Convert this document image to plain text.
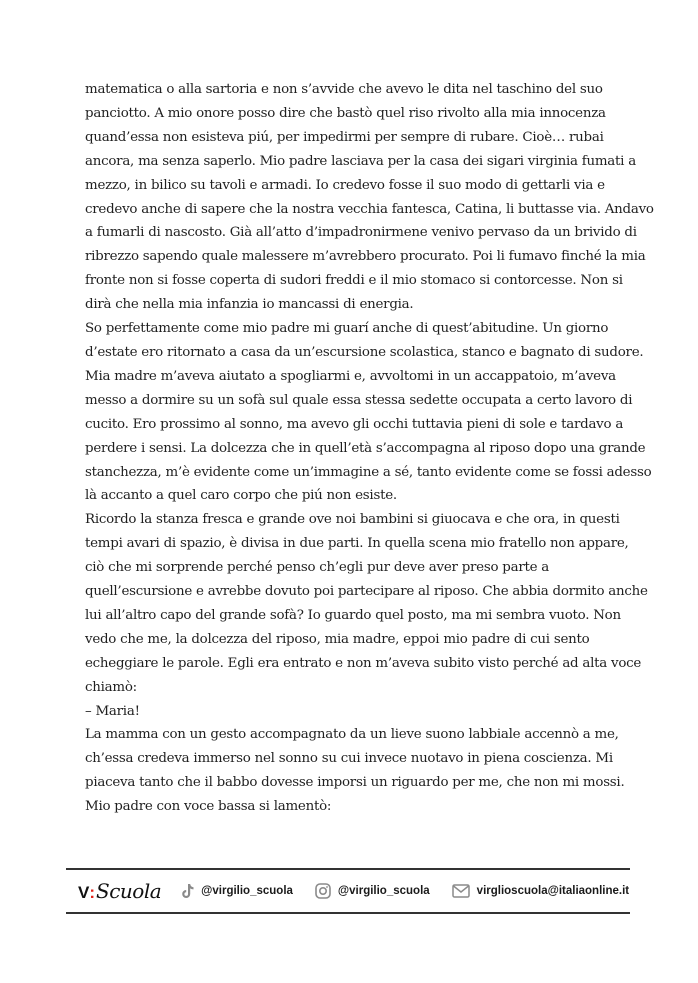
matematica o alla sartoria e non s’avvide che avevo le dita nel taschino del suo
panciotto. A mio onore posso dire che bastò quel riso rivolto alla mia innocenza
quand’essa non esisteva piú, per impedirmi per sempre di rubare. Cioè… rubai
ancora, ma senza saperlo. Mio padre lasciava per la casa dei sigari virginia fumati a
mezzo, in bilico su tavoli e armadi. Io credevo fosse il suo modo di gettarli via e
credevo anche di sapere che la nostra vecchia fantesca, Catina, li buttasse via. Andavo
a fumarli di nascosto. Già all’atto d’impadronirmene venivo pervaso da un brivido di
ribrezzo sapendo quale malessere m’avrebbero procurato. Poi li fumavo finché la mia
fronte non si fosse coperta di sudori freddi e il mio stomaco si contorcesse. Non si
dirà che nella mia infanzia io mancassi di energia.
So perfettamente come mio padre mi guarí anche di quest’abitudine. Un giorno
d’estate ero ritornato a casa da un’escursione scolastica, stanco e bagnato di sudore.
Mia madre m’aveva aiutato a spogliarmi e, avvoltomi in un accappatoio, m’aveva
messo a dormire su un sofà sul quale essa stessa sedette occupata a certo lavoro di
cucito. Ero prossimo al sonno, ma avevo gli occhi tuttavia pieni di sole e tardavo a
perdere i sensi. La dolcezza che in quell’età s’accompagna al riposo dopo una grande
stanchezza, m’è evidente come un’immagine a sé, tanto evidente come se fossi adesso
là accanto a quel caro corpo che piú non esiste.
Ricordo la stanza fresca e grande ove noi bambini si giuocava e che ora, in questi
tempi avari di spazio, è divisa in due parti. In quella scena mio fratello non appare,
ciò che mi sorprende perché penso ch’egli pur deve aver preso parte a
quell’escursione e avrebbe dovuto poi partecipare al riposo. Che abbia dormito anche
lui all’altro capo del grande sofà? Io guardo quel posto, ma mi sembra vuoto. Non
vedo che me, la dolcezza del riposo, mia madre, eppoi mio padre di cui sento
echeggiare le parole. Egli era entrato e non m’aveva subito visto perché ad alta voce
chiamò:
– Maria!
La mamma con un gesto accompagnato da un lieve suono labbiale accennò a me,
ch’essa credeva immerso nel sonno su cui invece nuotavo in piena coscienza. Mi
piaceva tanto che il babbo dovesse imporsi un riguardo per me, che non mi mossi.
Mio padre con voce bassa si lamentò:
V : Scuola	@virgilio_scuola	@virgilio_scuola	virglioscuola@italiaonline.it
